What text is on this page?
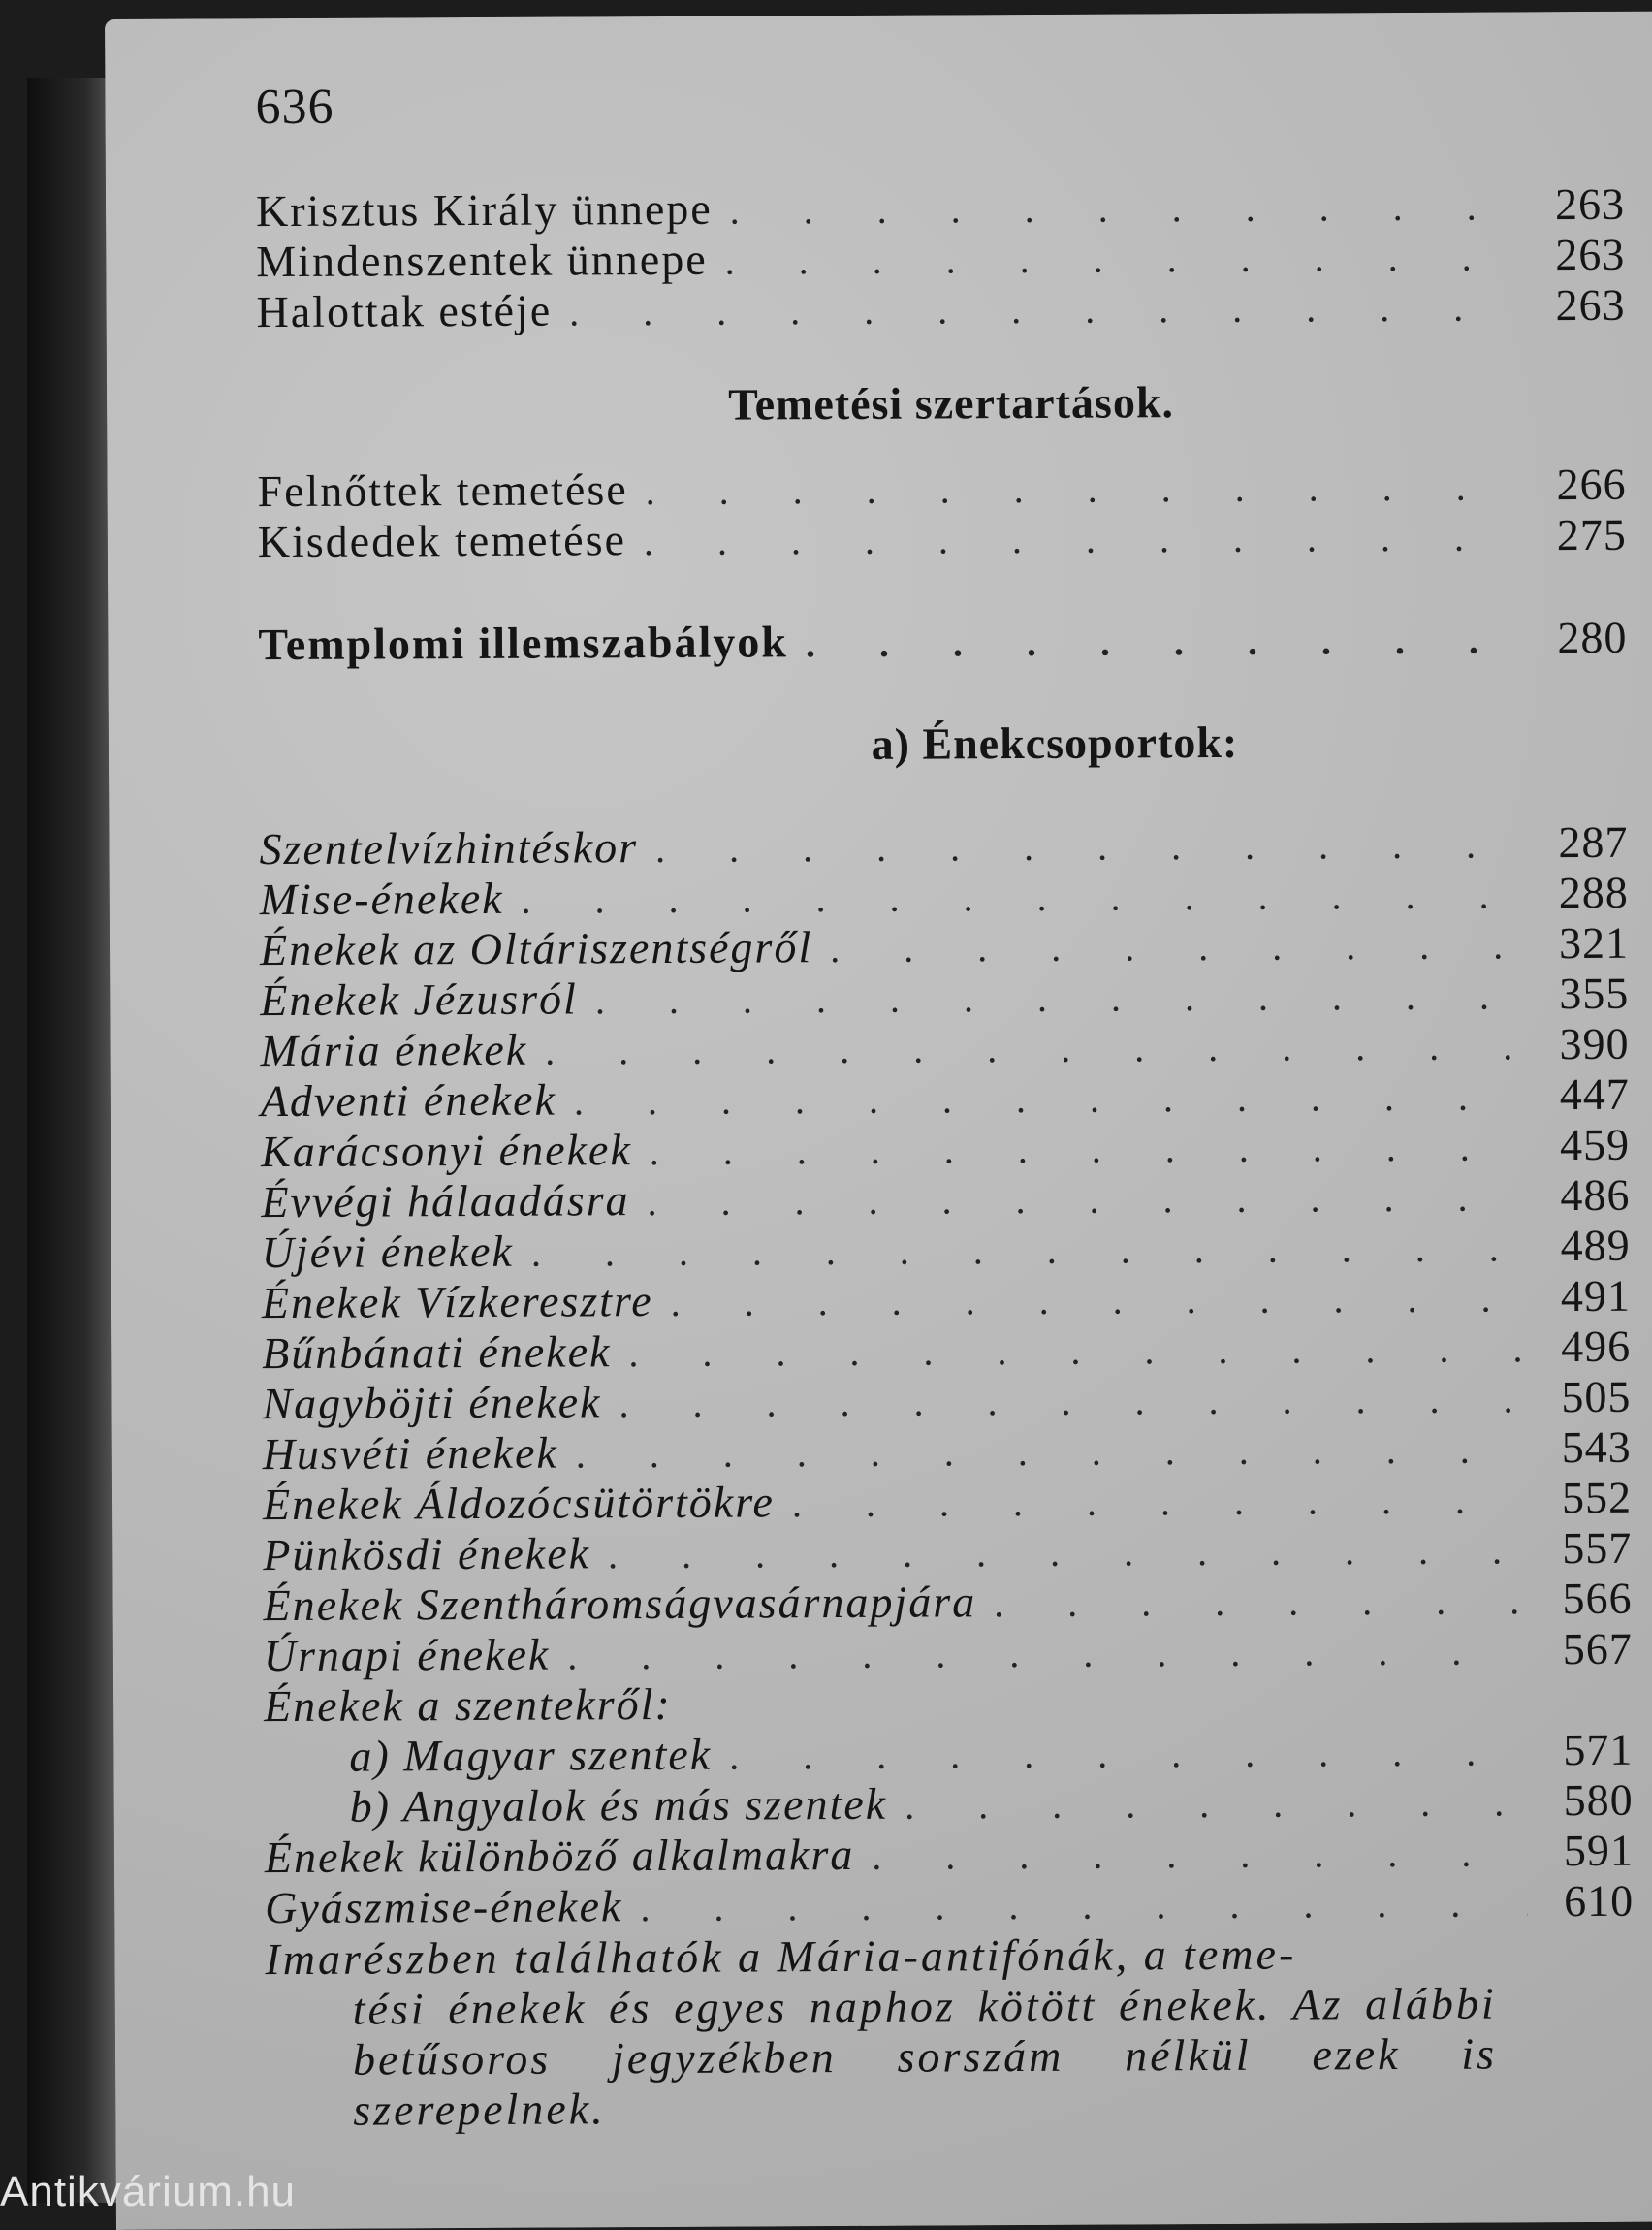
636
Krisztus Király ünnepe . . .	263
Mindenszentek ünnepe . . .	263
Halottak estéje . . .	263
Temetési szertartások.
Felnőttek temetése . . .	266
Kisdedek temetése . . .	275
Templomi illemszabályok . . .	280
a) Énekcsoportok:
Szentelvízhintéskor . . .	287
Mise-énekek . . .	288
Énekek az Oltáriszentségről . . .	321
Énekek Jézusról . . .	355
Mária énekek . . .	390
Adventi énekek . . .	447
Karácsonyi énekek . . .	459
Évvégi hálaadásra . . .	486
Újévi énekek . . .	489
Énekek Vízkeresztre . . .	491
Bűnbánati énekek . . .	496
Nagyböjti énekek . . .	505
Husvéti énekek . . .	543
Énekek Áldozócsütörtökre . . .	552
Pünkösdi énekek . . .	557
Énekek Szentháromságvasárnapjára . . .	566
Úrnapi énekek . . .	567
Énekek a szentekről:
a) Magyar szentek . . .	571
b) Angyalok és más szentek . . .	580
Énekek különböző alkalmakra . . .	591
Gyászmise-énekek . . .	610
Imarészben találhatók a Mária-antifónák, a teme-
tési énekek és egyes naphoz kötött énekek. Az alábbi betűsoros jegyzékben sorszám nélkül ezek is szerepelnek.
Antikvárium.hu
